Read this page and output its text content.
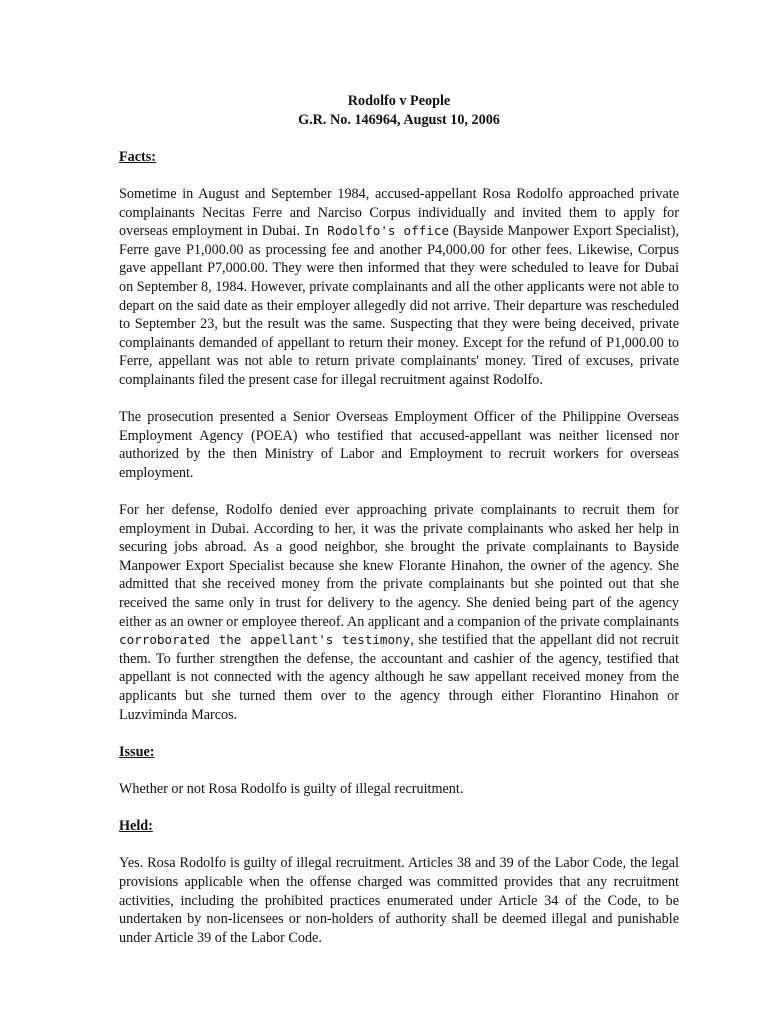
Rodolfo v People
G.R. No. 146964, August 10, 2006
Facts:

Sometime in August and September 1984, accused-appellant Rosa Rodolfo approached private complainants Necitas Ferre and Narciso Corpus individually and invited them to apply for overseas employment in Dubai. In Rodolfo's office (Bayside Manpower Export Specialist), Ferre gave P1,000.00 as processing fee and another P4,000.00 for other fees. Likewise, Corpus gave appellant P7,000.00. They were then informed that they were scheduled to leave for Dubai on September 8, 1984. However, private complainants and all the other applicants were not able to depart on the said date as their employer allegedly did not arrive. Their departure was rescheduled to September 23, but the result was the same. Suspecting that they were being deceived, private complainants demanded of appellant to return their money. Except for the refund of P1,000.00 to Ferre, appellant was not able to return private complainants' money. Tired of excuses, private complainants filed the present case for illegal recruitment against Rodolfo.

The prosecution presented a Senior Overseas Employment Officer of the Philippine Overseas Employment Agency (POEA) who testified that accused-appellant was neither licensed nor authorized by the then Ministry of Labor and Employment to recruit workers for overseas employment.

For her defense, Rodolfo denied ever approaching private complainants to recruit them for employment in Dubai. According to her, it was the private complainants who asked her help in securing jobs abroad. As a good neighbor, she brought the private complainants to Bayside Manpower Export Specialist because she knew Florante Hinahon, the owner of the agency. She admitted that she received money from the private complainants but she pointed out that she received the same only in trust for delivery to the agency. She denied being part of the agency either as an owner or employee thereof. An applicant and a companion of the private complainants corroborated the appellant's testimony, she testified that the appellant did not recruit them. To further strengthen the defense, the accountant and cashier of the agency, testified that appellant is not connected with the agency although he saw appellant received money from the applicants but she turned them over to the agency through either Florantino Hinahon or Luzviminda Marcos.

Issue:

Whether or not Rosa Rodolfo is guilty of illegal recruitment.

Held:

Yes. Rosa Rodolfo is guilty of illegal recruitment. Articles 38 and 39 of the Labor Code, the legal provisions applicable when the offense charged was committed provides that any recruitment activities, including the prohibited practices enumerated under Article 34 of the Code, to be undertaken by non-licensees or non-holders of authority shall be deemed illegal and punishable under Article 39 of the Labor Code.
